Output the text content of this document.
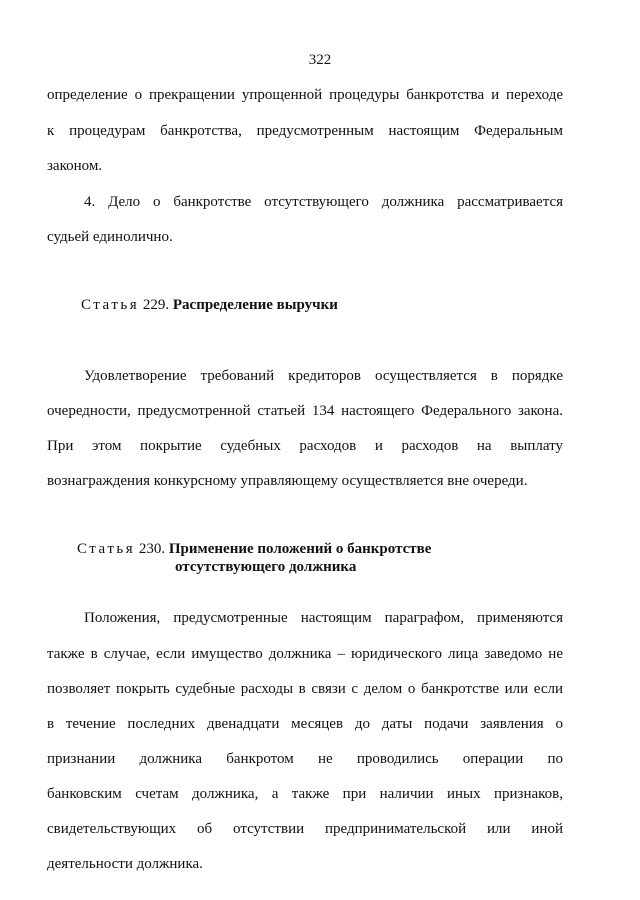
322
определение о прекращении упрощенной процедуры банкротства и переходе
к процедурам банкротства, предусмотренным настоящим Федеральным
законом.
4. Дело о банкротстве отсутствующего должника рассматривается
судьей единолично.
Статья 229. Распределение выручки
Удовлетворение требований кредиторов осуществляется в порядке
очередности, предусмотренной статьей 134 настоящего Федерального закона.
При этом покрытие судебных расходов и расходов на выплату
вознаграждения конкурсному управляющему осуществляется вне очереди.
Статья 230. Применение положений о банкротстве
отсутствующего должника
Положения, предусмотренные настоящим параграфом, применяются
также в случае, если имущество должника – юридического лица заведомо не
позволяет покрыть судебные расходы в связи с делом о банкротстве или если
в течение последних двенадцати месяцев до даты подачи заявления о
признании должника банкротом не проводились операции по
банковским счетам должника, а также при наличии иных признаков,
свидетельствующих об отсутствии предпринимательской или иной
деятельности должника.
